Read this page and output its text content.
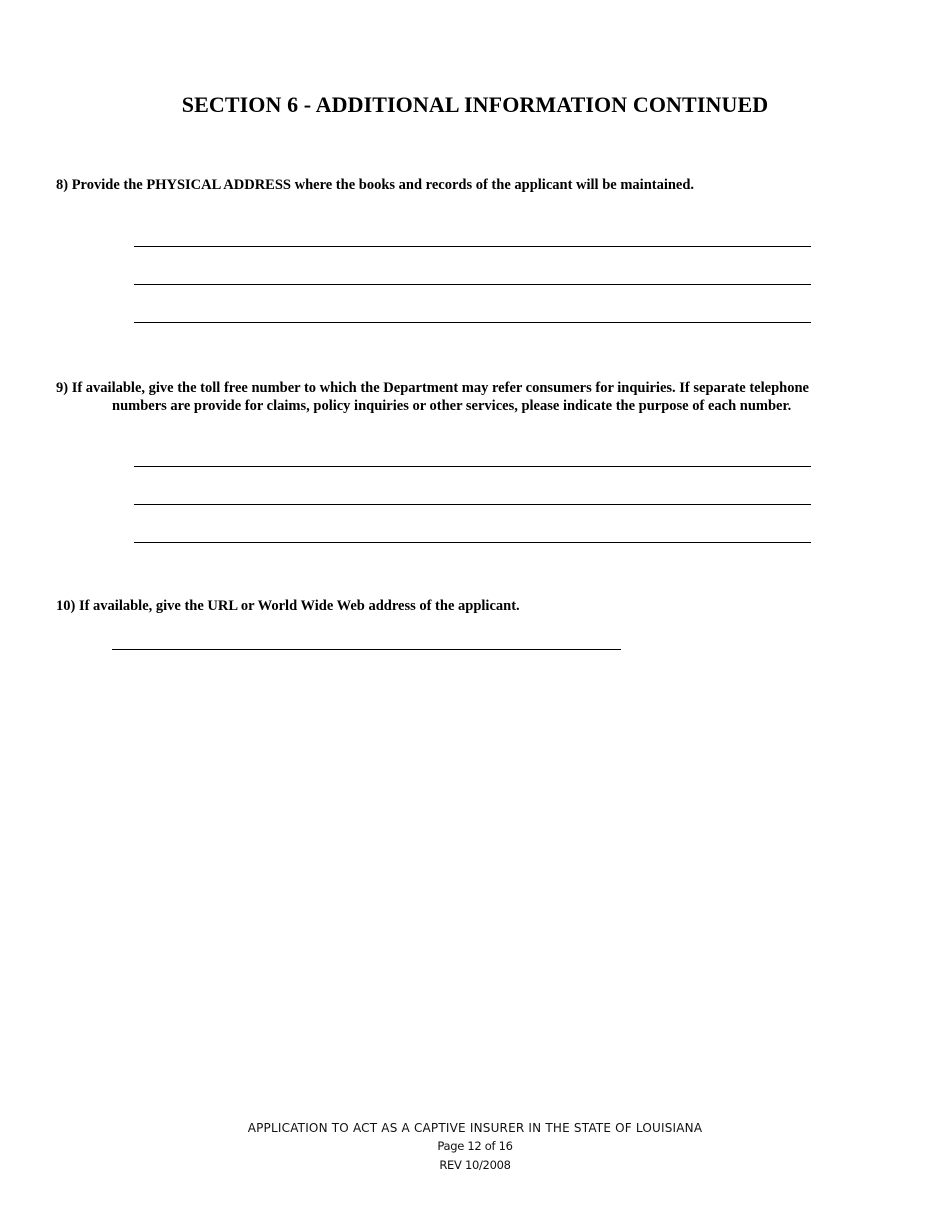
SECTION 6 - ADDITIONAL INFORMATION CONTINUED
8) Provide the PHYSICAL ADDRESS where the books and records of the applicant will be maintained.
9) If available, give the toll free number to which the Department may refer consumers for inquiries. If separate telephone numbers are provide for claims, policy inquiries or other services, please indicate the purpose of each number.
10) If available, give the URL or World Wide Web address of the applicant.
APPLICATION TO ACT AS A CAPTIVE INSURER IN THE STATE OF LOUISIANA
Page 12 of 16
REV 10/2008
